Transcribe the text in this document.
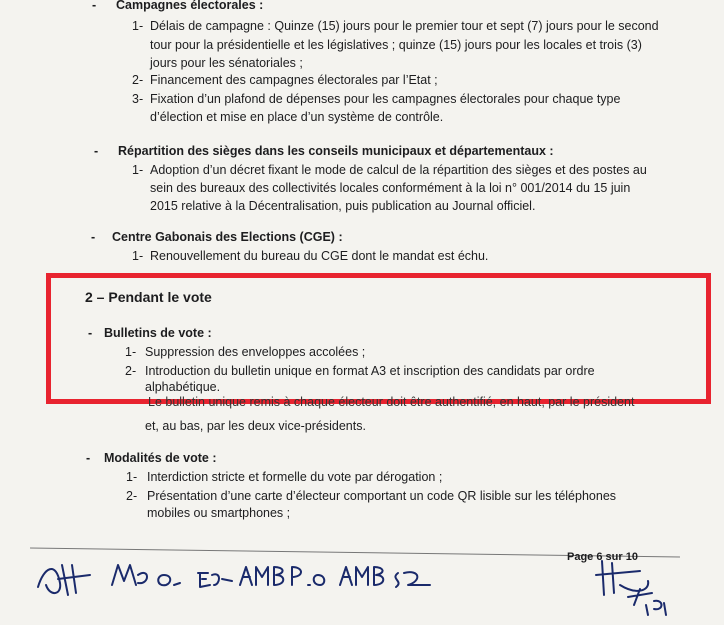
- Campagnes électorales :
1- Délais de campagne : Quinze (15) jours pour le premier tour et sept (7) jours pour le second
tour pour la présidentielle et les législatives ; quinze (15) jours pour les locales et trois (3)
jours pour les sénatoriales ;
2- Financement des campagnes électorales par l’Etat ;
3- Fixation d’un plafond de dépenses pour les campagnes électorales pour chaque type
d’élection et mise en place d’un système de contrôle.
- Répartition des sièges dans les conseils municipaux et départementaux :
1- Adoption d’un décret fixant le mode de calcul de la répartition des sièges et des postes au
sein des bureaux des collectivités locales conformément à la loi n° 001/2014 du 15 juin
2015 relative à la Décentralisation, puis publication au Journal officiel.
- Centre Gabonais des Elections (CGE) :
1- Renouvellement du bureau du CGE dont le mandat est échu.
2 – Pendant le vote
- Bulletins de vote :
1- Suppression des enveloppes accolées ;
2- Introduction du bulletin unique en format A3 et inscription des candidats par ordre
alphabétique.
Le bulletin unique remis à chaque électeur doit être authentifié, en haut, par le président
et, au bas, par les deux vice-présidents.
- Modalités de vote :
1- Interdiction stricte et formelle du vote par dérogation ;
2- Présentation d’une carte d’électeur comportant un code QR lisible sur les téléphones
mobiles ou smartphones ;
Page 6 sur 10
